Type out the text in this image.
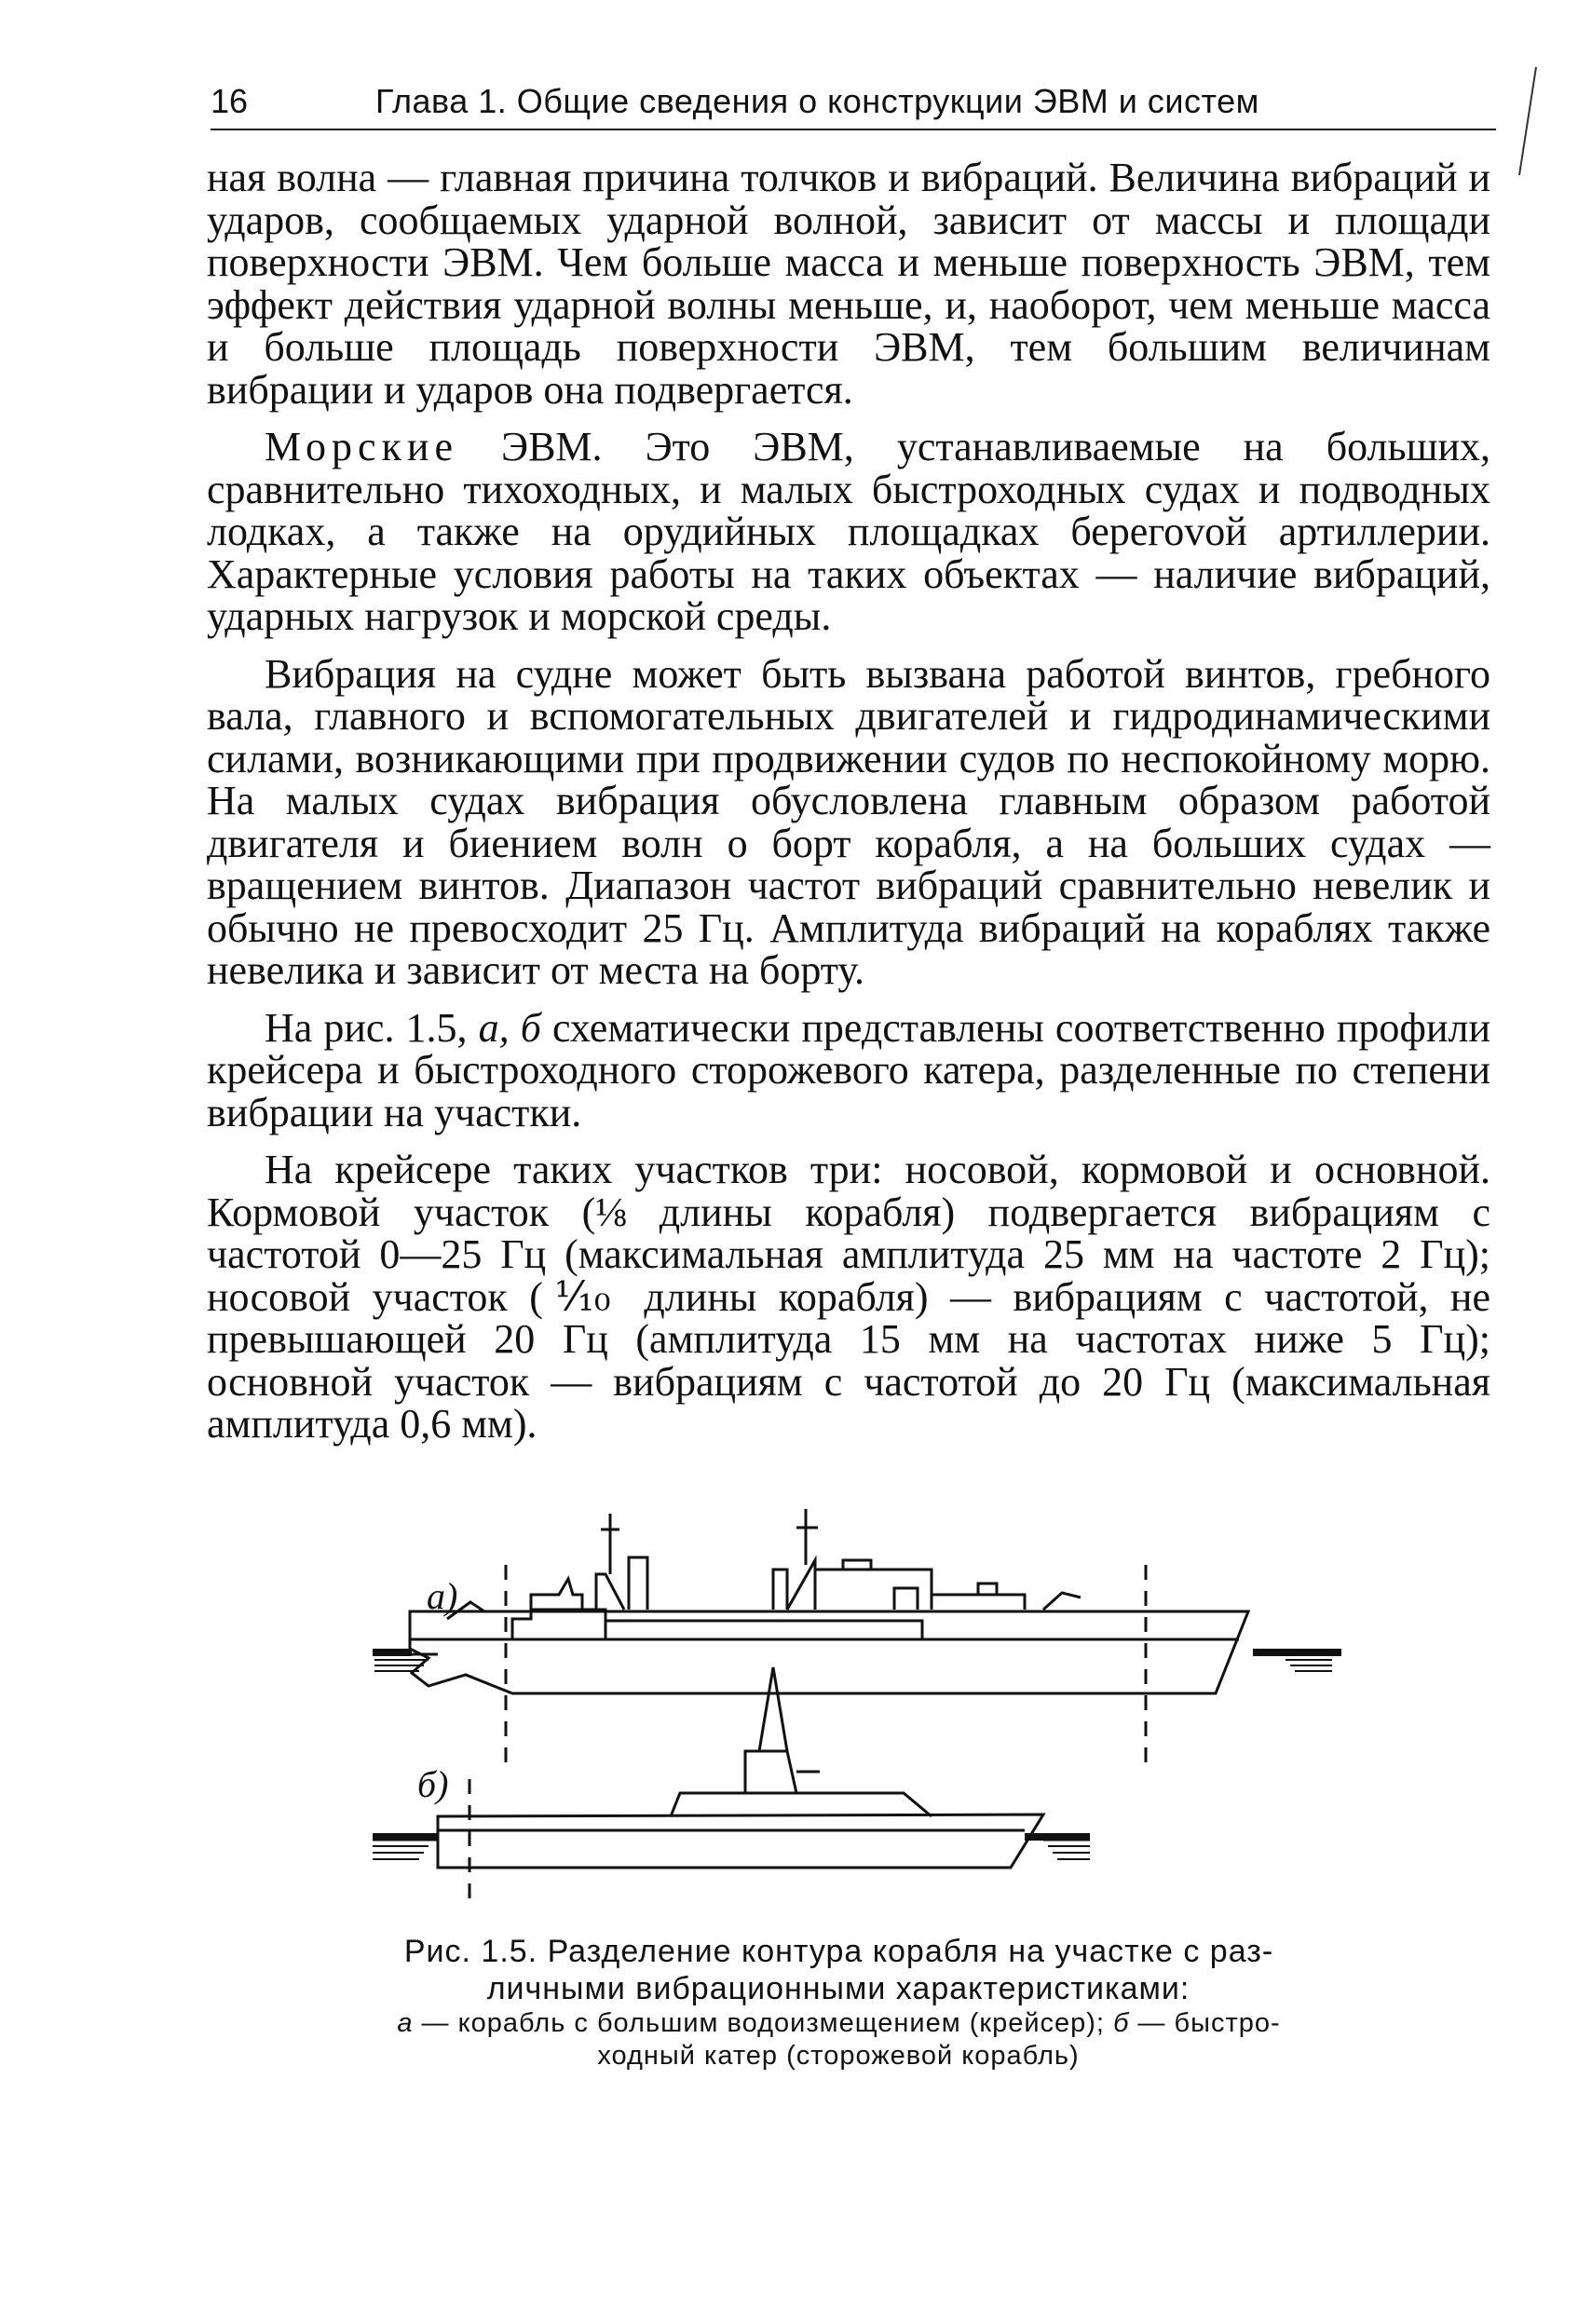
16	Глава 1. Общие сведения о конструкции ЭВМ и систем

ная волна — главная причина толчков и вибраций. Величина вибраций и ударов, сообщаемых ударной волной, зависит от массы и площади поверхности ЭВМ. Чем больше масса и меньше поверхность ЭВМ, тем эффект действия ударной волны меньше, и, наоборот, чем меньше масса и больше площадь поверхности ЭВМ, тем большим величинам вибрации и ударов она подвергается.

Морские ЭВМ. Это ЭВМ, устанавливаемые на больших, сравнительно тихоходных, и малых быстроходных судах и подводных лодках, а также на орудийных площадках берегоvой артиллерии. Характерные условия работы на таких объектах — наличие вибраций, ударных нагрузок и морской среды.

Вибрация на судне может быть вызвана работой винтов, гребного вала, главного и вспомогательных двигателей и гидродинамическими силами, возникающими при продвижении судов по неспокойному морю. На малых судах вибрация обусловлена главным образом работой двигателя и биением волн о борт корабля, а на больших судах — вращением винтов. Диапазон частот вибраций сравнительно невелик и обычно не превосходит 25 Гц. Амплитуда вибраций на кораблях также невелика и зависит от места на борту.

На рис. 1.5, а, б схематически представлены соответственно профили крейсера и быстроходного сторожевого катера, разделенные по степени вибрации на участки.

На крейсере таких участков три: носовой, кормовой и основной. Кормовой участок (⅛ длины корабля) подвергается вибрациям с частотой 0—25 Гц (максимальная амплитуда 25 мм на частоте 2 Гц); носовой участок (⅒ длины корабля) — вибрациям с частотой, не превышающей 20 Гц (амплитуда 15 мм на частотах ниже 5 Гц); основной участок — вибрациям с частотой до 20 Гц (максимальная амплитуда 0,6 мм).

а)
б)
Рис. 1.5. Разделение контура корабля на участке с различными вибрационными характеристиками:
а — корабль с большим водоизмещением (крейсер); б — быстроходный катер (сторожевой корабль)
